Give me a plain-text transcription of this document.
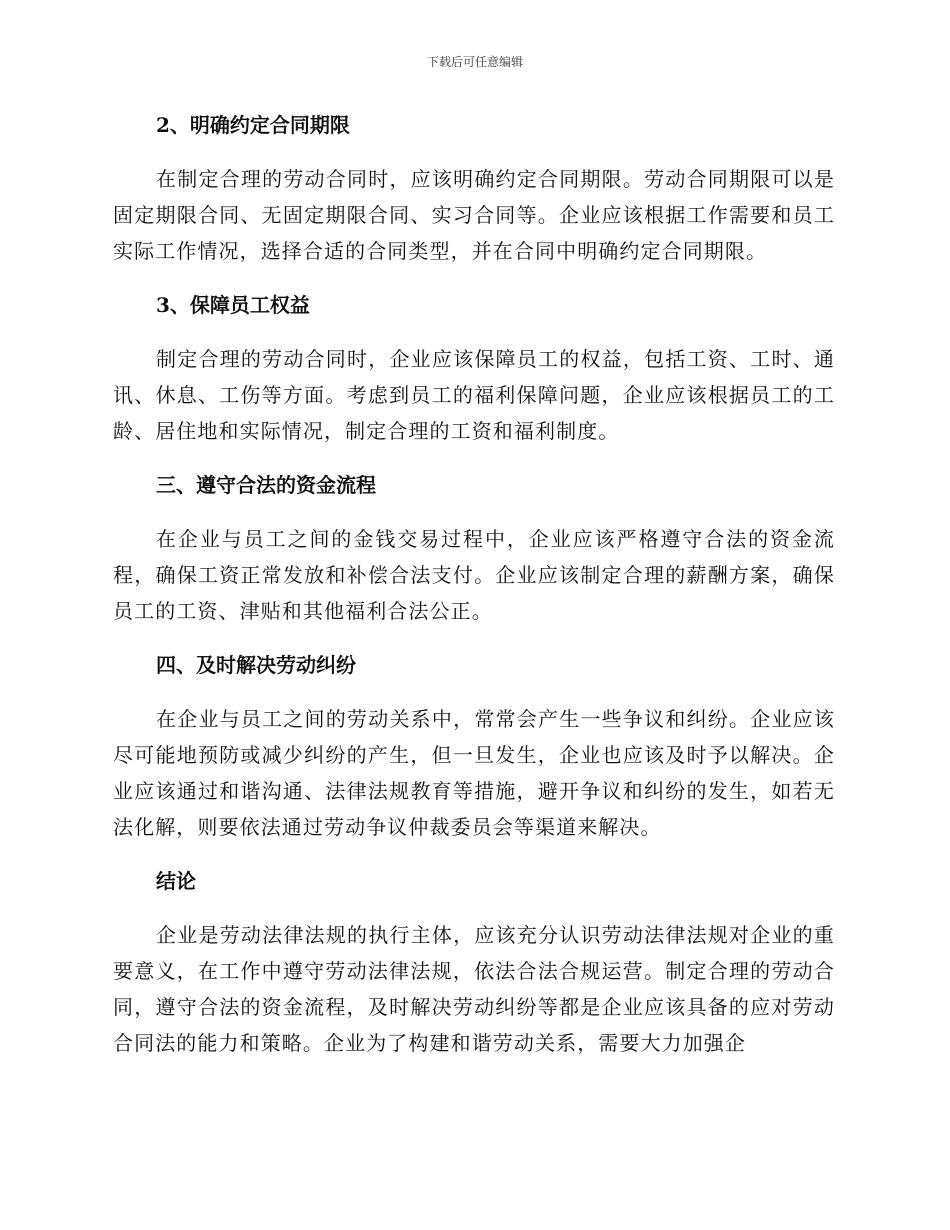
下载后可任意编辑
2、明确约定合同期限
在制定合理的劳动合同时，应该明确约定合同期限。劳动合同期限可以是固定期限合同、无固定期限合同、实习合同等。企业应该根据工作需要和员工实际工作情况，选择合适的合同类型，并在合同中明确约定合同期限。
3、保障员工权益
制定合理的劳动合同时，企业应该保障员工的权益，包括工资、工时、通讯、休息、工伤等方面。考虑到员工的福利保障问题，企业应该根据员工的工龄、居住地和实际情况，制定合理的工资和福利制度。
三、遵守合法的资金流程
在企业与员工之间的金钱交易过程中，企业应该严格遵守合法的资金流程，确保工资正常发放和补偿合法支付。企业应该制定合理的薪酬方案，确保员工的工资、津贴和其他福利合法公正。
四、及时解决劳动纠纷
在企业与员工之间的劳动关系中，常常会产生一些争议和纠纷。企业应该尽可能地预防或减少纠纷的产生，但一旦发生，企业也应该及时予以解决。企业应该通过和谐沟通、法律法规教育等措施，避开争议和纠纷的发生，如若无法化解，则要依法通过劳动争议仲裁委员会等渠道来解决。
结论
企业是劳动法律法规的执行主体，应该充分认识劳动法律法规对企业的重要意义，在工作中遵守劳动法律法规，依法合法合规运营。制定合理的劳动合同，遵守合法的资金流程，及时解决劳动纠纷等都是企业应该具备的应对劳动合同法的能力和策略。企业为了构建和谐劳动关系，需要大力加强企
